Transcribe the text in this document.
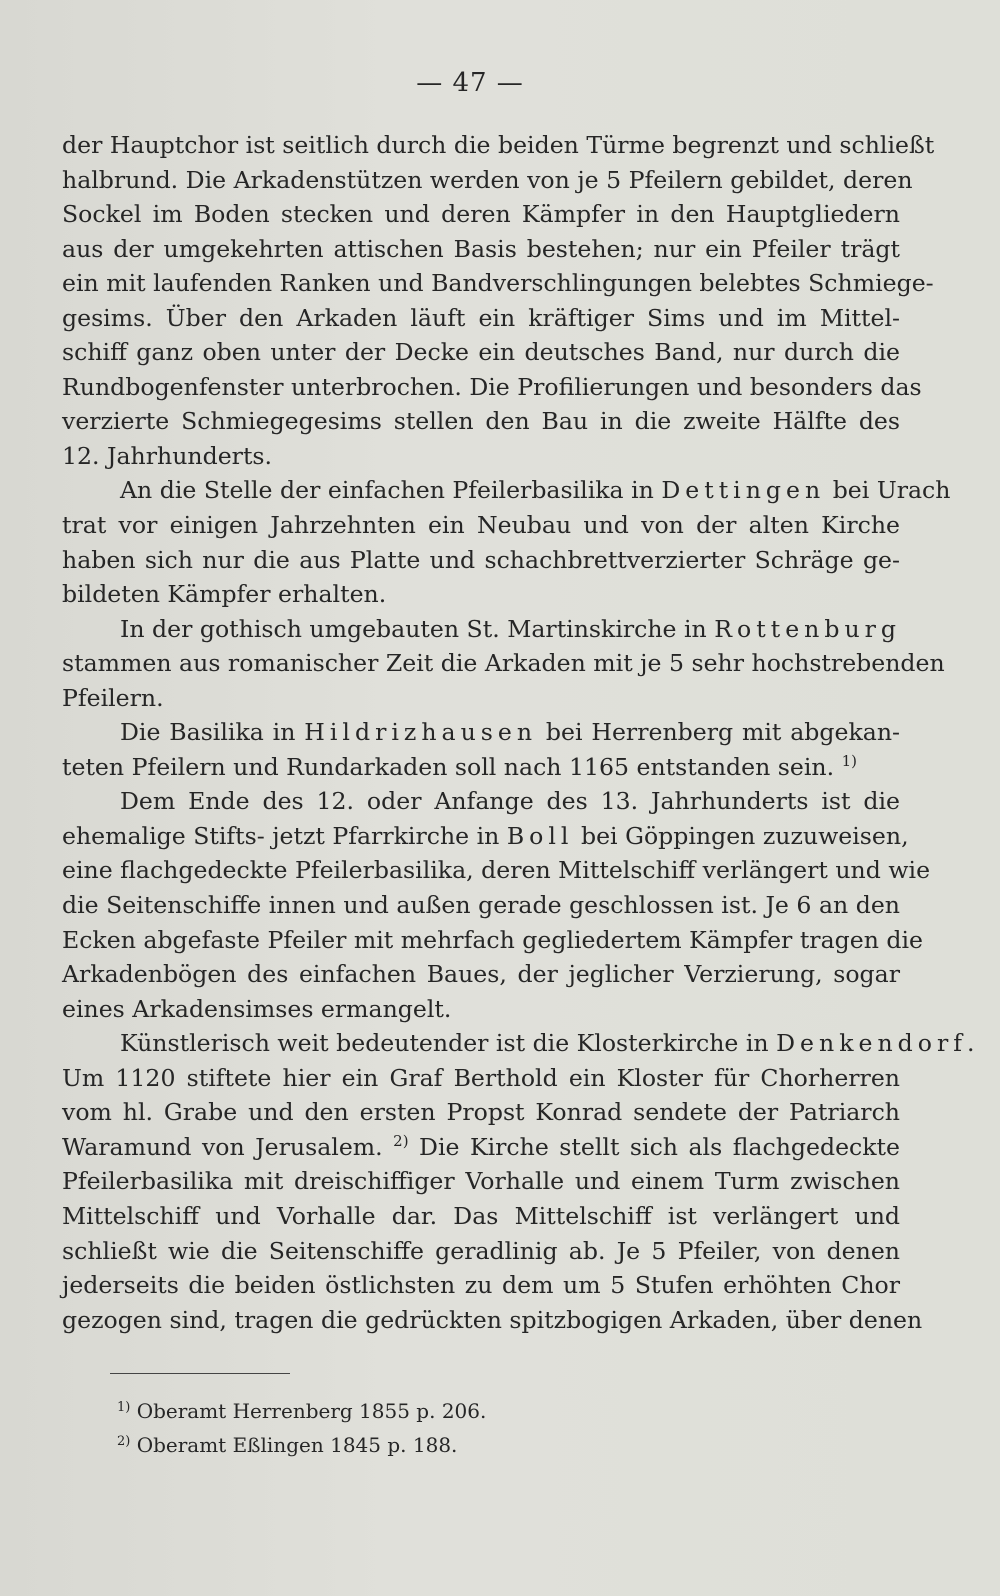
— 47 —
der Hauptchor ist seitlich durch die beiden Türme begrenzt und schließt
halbrund. Die Arkadenstützen werden von je 5 Pfeilern gebildet, deren
Sockel im Boden stecken und deren Kämpfer in den Hauptgliedern
aus der umgekehrten attischen Basis bestehen; nur ein Pfeiler trägt
ein mit laufenden Ranken und Bandverschlingungen belebtes Schmiege-
gesims. Über den Arkaden läuft ein kräftiger Sims und im Mittel-
schiff ganz oben unter der Decke ein deutsches Band, nur durch die
Rundbogenfenster unterbrochen. Die Profilierungen und besonders das
verzierte Schmiegegesims stellen den Bau in die zweite Hälfte des
12. Jahrhunderts.
An die Stelle der einfachen Pfeilerbasilika in Dettingen bei Urach
trat vor einigen Jahrzehnten ein Neubau und von der alten Kirche
haben sich nur die aus Platte und schachbrettverzierter Schräge ge-
bildeten Kämpfer erhalten.
In der gothisch umgebauten St. Martinskirche in Rottenburg
stammen aus romanischer Zeit die Arkaden mit je 5 sehr hochstrebenden
Pfeilern.
Die Basilika in Hildrizhausen bei Herrenberg mit abgekan-
teten Pfeilern und Rundarkaden soll nach 1165 entstanden sein. $^{1)}$
Dem Ende des 12. oder Anfange des 13. Jahrhunderts ist die
ehemalige Stifts- jetzt Pfarrkirche in Boll bei Göppingen zuzuweisen,
eine flachgedeckte Pfeilerbasilika, deren Mittelschiff verlängert und wie
die Seitenschiffe innen und außen gerade geschlossen ist. Je 6 an den
Ecken abgefaste Pfeiler mit mehrfach gegliedertem Kämpfer tragen die
Arkadenbögen des einfachen Baues, der jeglicher Verzierung, sogar
eines Arkadensimses ermangelt.
Künstlerisch weit bedeutender ist die Klosterkirche in Denkendorf.
Um 1120 stiftete hier ein Graf Berthold ein Kloster für Chorherren
vom hl. Grabe und den ersten Propst Konrad sendete der Patriarch
Waramund von Jerusalem. $^{2)}$ Die Kirche stellt sich als flachgedeckte
Pfeilerbasilika mit dreischiffiger Vorhalle und einem Turm zwischen
Mittelschiff und Vorhalle dar. Das Mittelschiff ist verlängert und
schließt wie die Seitenschiffe geradlinig ab. Je 5 Pfeiler, von denen
jederseits die beiden östlichsten zu dem um 5 Stufen erhöhten Chor
gezogen sind, tragen die gedrückten spitzbogigen Arkaden, über denen
$^{1)}$ Oberamt Herrenberg 1855 p. 206.
$^{2)}$ Oberamt Eßlingen 1845 p. 188.
